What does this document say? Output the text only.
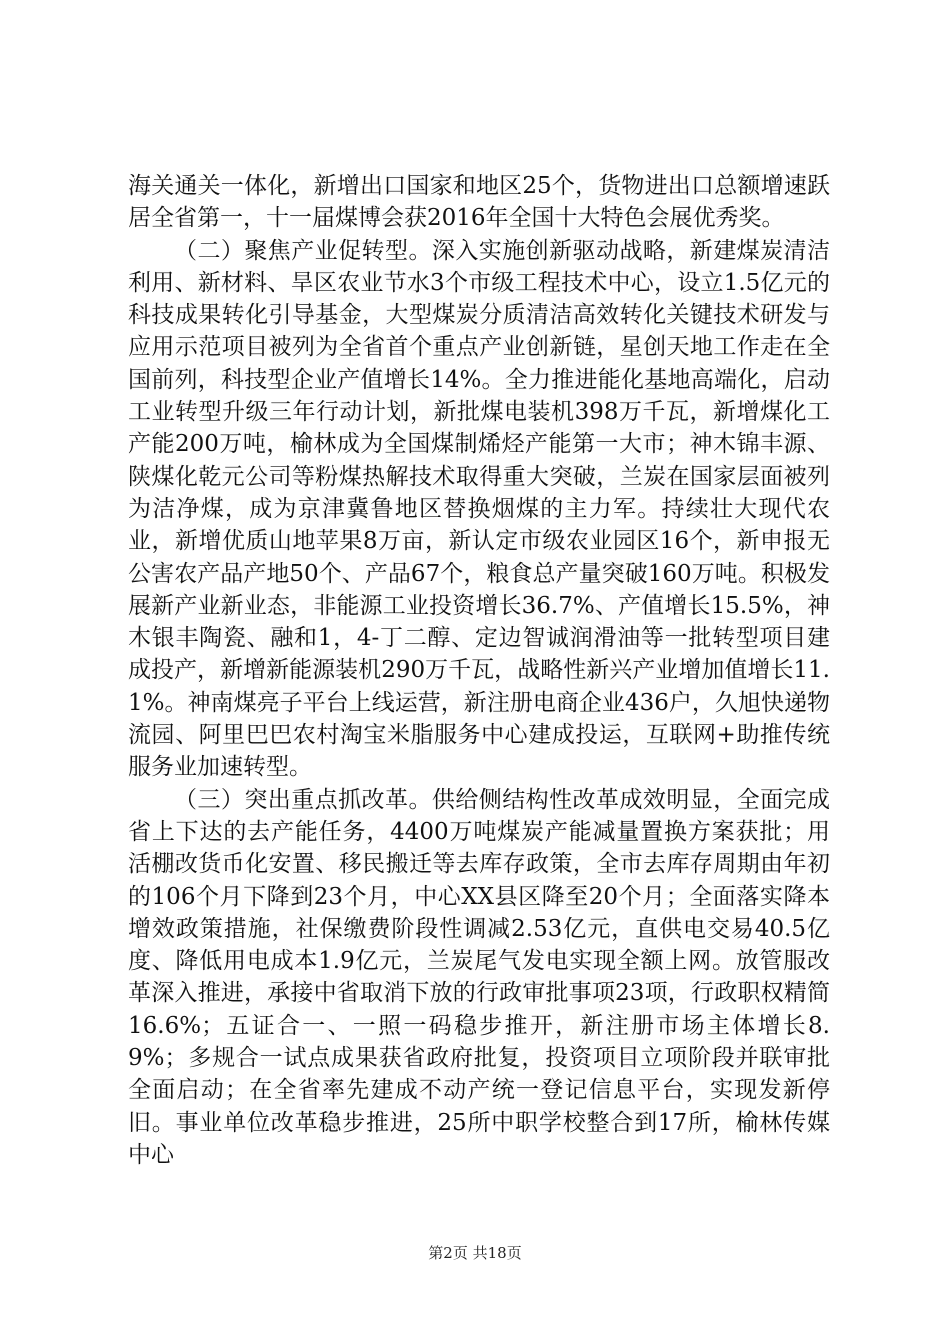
海关通关一体化，新增出口国家和地区25个，货物进出口总额增速跃居全省第一，十一届煤博会获2016年全国十大特色会展优秀奖。

（二）聚焦产业促转型。深入实施创新驱动战略，新建煤炭清洁利用、新材料、旱区农业节水3个市级工程技术中心，设立1.5亿元的科技成果转化引导基金，大型煤炭分质清洁高效转化关键技术研发与应用示范项目被列为全省首个重点产业创新链，星创天地工作走在全国前列，科技型企业产值增长14%。全力推进能化基地高端化，启动工业转型升级三年行动计划，新批煤电装机398万千瓦，新增煤化工产能200万吨，榆林成为全国煤制烯烃产能第一大市；神木锦丰源、陕煤化乾元公司等粉煤热解技术取得重大突破，兰炭在国家层面被列为洁净煤，成为京津冀鲁地区替换烟煤的主力军。持续壮大现代农业，新增优质山地苹果8万亩，新认定市级农业园区16个，新申报无公害农产品产地50个、产品67个，粮食总产量突破160万吨。积极发展新产业新业态，非能源工业投资增长36.7%、产值增长15.5%，神木银丰陶瓷、融和1，4-丁二醇、定边智诚润滑油等一批转型项目建成投产，新增新能源装机290万千瓦，战略性新兴产业增加值增长11.1%。神南煤亮子平台上线运营，新注册电商企业436户，久旭快递物流园、阿里巴巴农村淘宝米脂服务中心建成投运，互联网+助推传统服务业加速转型。

（三）突出重点抓改革。供给侧结构性改革成效明显，全面完成省上下达的去产能任务，4400万吨煤炭产能减量置换方案获批；用活棚改货币化安置、移民搬迁等去库存政策，全市去库存周期由年初的106个月下降到23个月，中心XX县区降至20个月；全面落实降本增效政策措施，社保缴费阶段性调减2.53亿元，直供电交易40.5亿度、降低用电成本1.9亿元，兰炭尾气发电实现全额上网。放管服改革深入推进，承接中省取消下放的行政审批事项23项，行政职权精简16.6%；五证合一、一照一码稳步推开，新注册市场主体增长8.9%；多规合一试点成果获省政府批复，投资项目立项阶段并联审批全面启动；在全省率先建成不动产统一登记信息平台，实现发新停旧。事业单位改革稳步推进，25所中职学校整合到17所，榆林传媒中心

第2页 共18页
